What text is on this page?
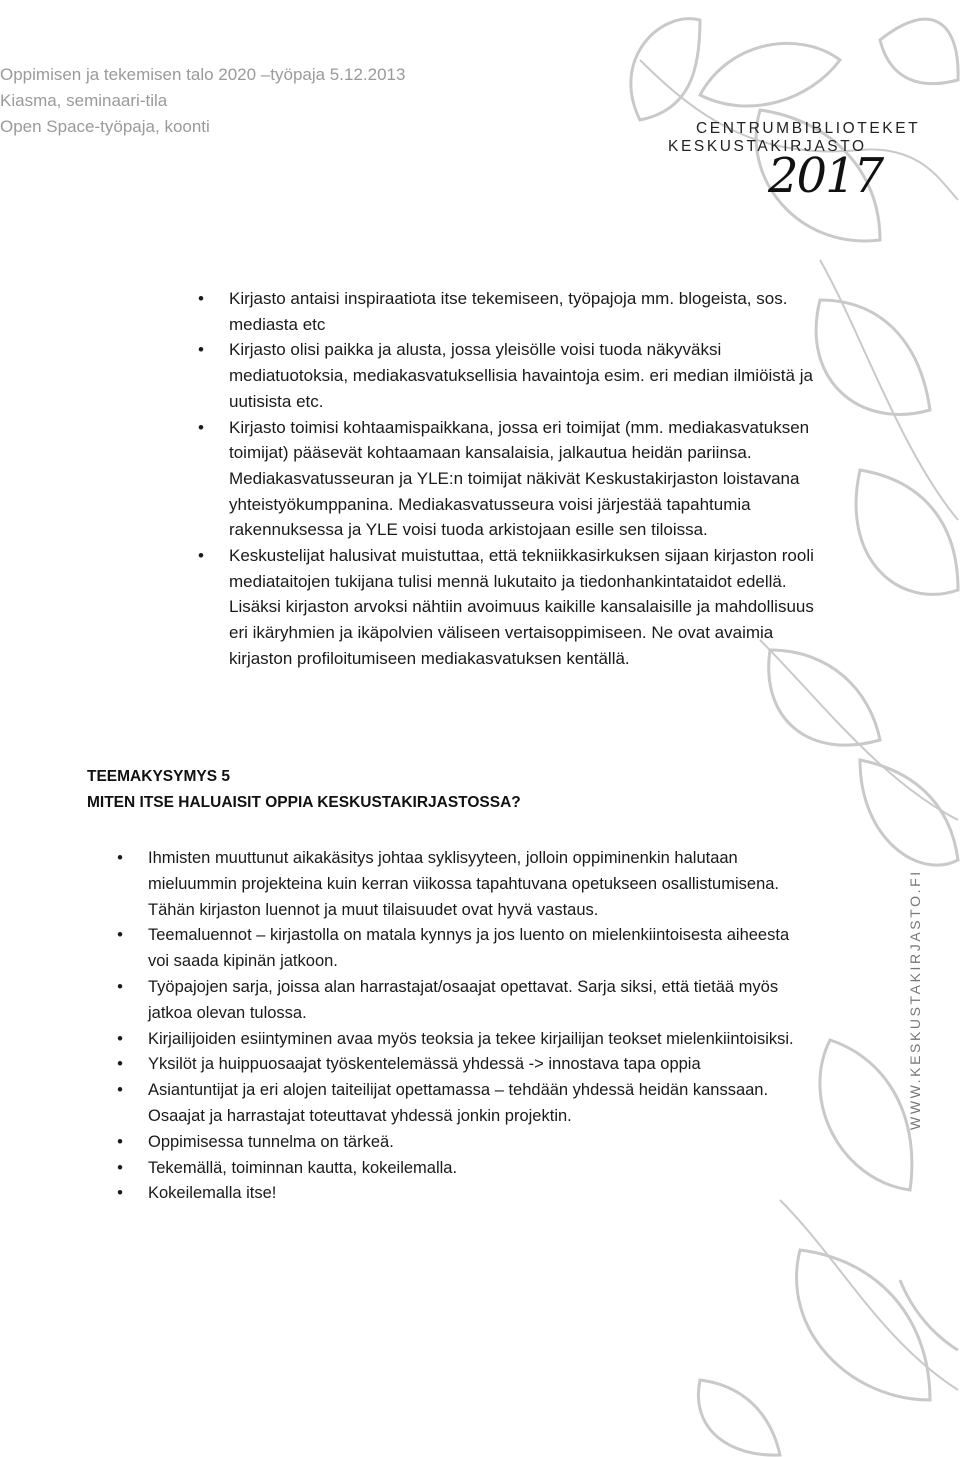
Oppimisen ja tekemisen talo 2020 –työpaja 5.12.2013
Kiasma, seminaari-tila
Open Space-työpaja, koonti	CENTRUMBIBLIOTEKET
KESKUSTAKIRJASTO
2017
WWW.KESKUSTAKIRJASTO.FI
• Kirjasto antaisi inspiraatiota itse tekemiseen, työpajoja mm. blogeista, sos. mediasta etc
• Kirjasto olisi paikka ja alusta, jossa yleisölle voisi tuoda näkyväksi mediatuotoksia, mediakasvatuksellisia havaintoja esim. eri median ilmiöistä ja uutisista etc.
• Kirjasto toimisi kohtaamispaikkana, jossa eri toimijat (mm. mediakasvatuksen toimijat) pääsevät kohtaamaan kansalaisia, jalkautua heidän pariinsa. Mediakasvatusseuran ja YLE:n toimijat näkivät Keskustakirjaston loistavana yhteistyökumppanina. Mediakasvatusseura voisi järjestää tapahtumia rakennuksessa ja YLE voisi tuoda arkistojaan esille sen tiloissa.
• Keskustelijat halusivat muistuttaa, että tekniikkasirkuksen sijaan kirjaston rooli mediataitojen tukijana tulisi mennä lukutaito ja tiedonhankintataidot edellä. Lisäksi kirjaston arvoksi nähtiin avoimuus kaikille kansalaisille ja mahdollisuus eri ikäryhmien ja ikäpolvien väliseen vertaisoppimiseen. Ne ovat avaimia kirjaston profiloitumiseen mediakasvatuksen kentällä.
TEEMAKYSYMYS 5
MITEN ITSE HALUAISIT OPPIA KESKUSTAKIRJASTOSSA?
• Ihmisten muuttunut aikakäsitys johtaa syklisyyteen, jolloin oppiminenkin halutaan mieluummin projekteina kuin kerran viikossa tapahtuvana opetukseen osallistumisena. Tähän kirjaston luennot ja muut tilaisuudet ovat hyvä vastaus.
• Teemaluennot – kirjastolla on matala kynnys ja jos luento on mielenkiintoisesta aiheesta voi saada kipinän jatkoon.
• Työpajojen sarja, joissa alan harrastajat/osaajat opettavat. Sarja siksi, että tietää myös jatkoa olevan tulossa.
• Kirjailijoiden esiintyminen avaa myös teoksia ja tekee kirjailijan teokset mielenkiintoisiksi.
• Yksilöt ja huippuosaajat työskentelemässä yhdessä -> innostava tapa oppia
• Asiantuntijat ja eri alojen taiteilijat opettamassa – tehdään yhdessä heidän kanssaan. Osaajat ja harrastajat toteuttavat yhdessä jonkin projektin.
• Oppimisessa tunnelma on tärkeä.
• Tekemällä, toiminnan kautta, kokeilemalla.
• Kokeilemalla itse!
